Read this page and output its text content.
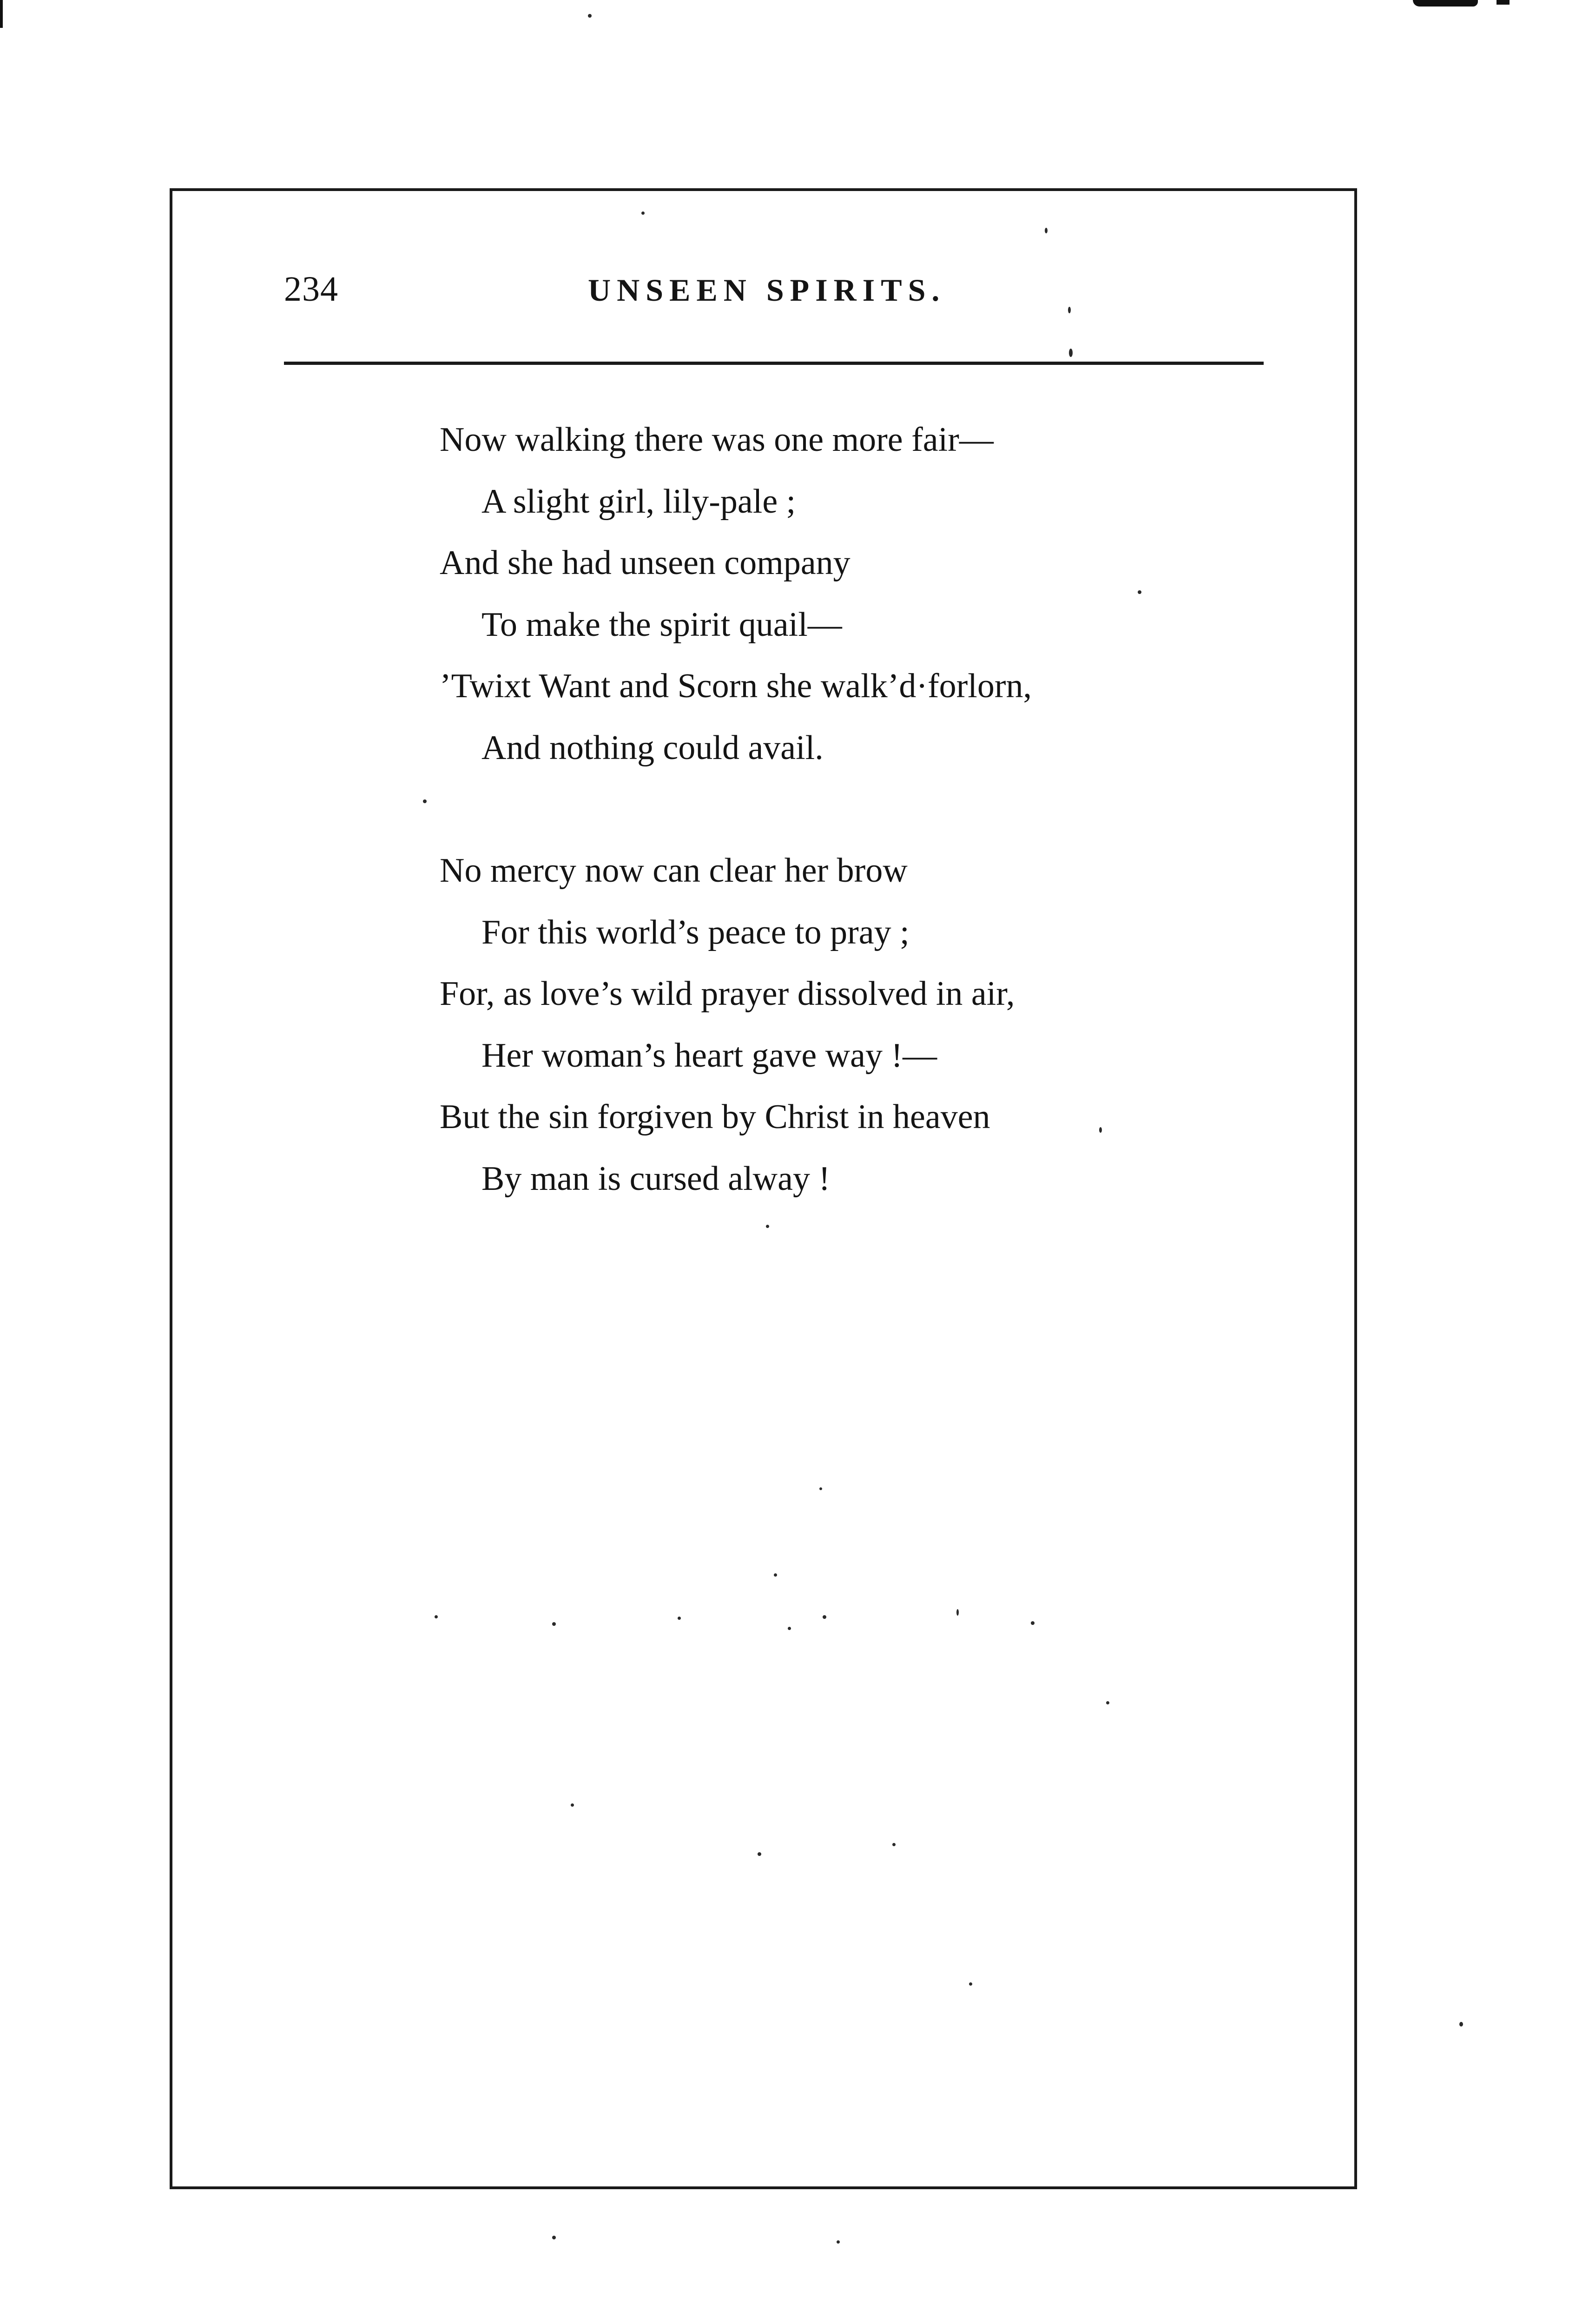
234	UNSEEN SPIRITS.
Now walking there was one more fair—
A slight girl, lily-pale ;
And she had unseen company
To make the spirit quail—
’Twixt Want and Scorn she walk’d·forlorn,
And nothing could avail.
No mercy now can clear her brow
For this world’s peace to pray ;
For, as love’s wild prayer dissolved in air,
Her woman’s heart gave way !—
But the sin forgiven by Christ in heaven
By man is cursed alway !
